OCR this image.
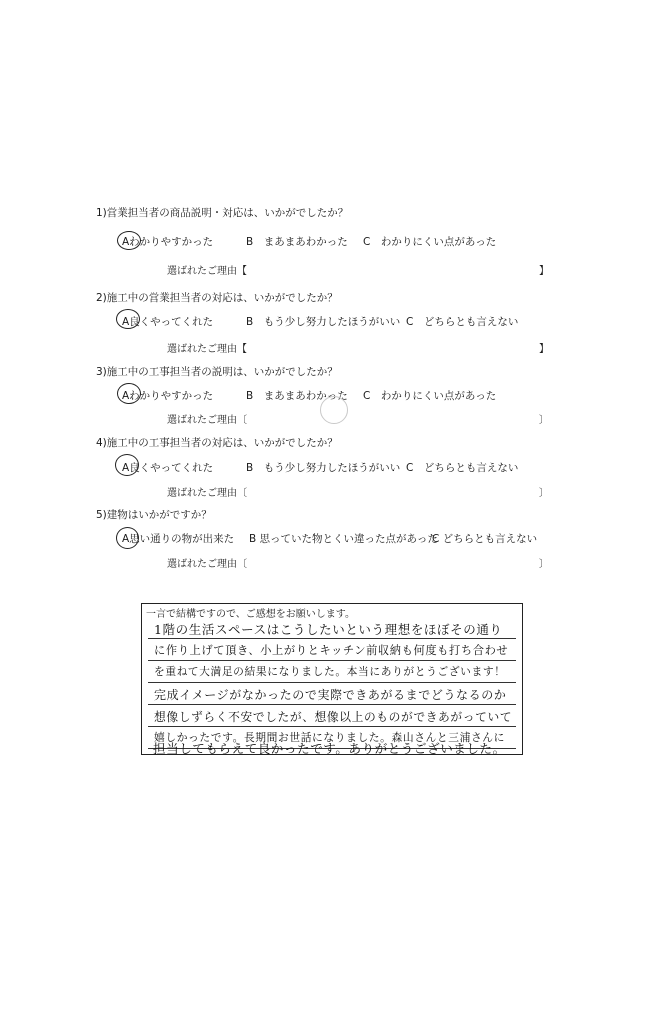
1)営業担当者の商品説明・対応は、いかがでしたか？
Aわかりやすかった	B　まあまあわかった C　わかりにくい点があった
選ばれたご理由【	】
2)施工中の営業担当者の対応は、いかがでしたか？
A良くやってくれた	B　もう少し努力したほうがいい C　どちらとも言えない
選ばれたご理由【	】
3)施工中の工事担当者の説明は、いかがでしたか？
Aわかりやすかった	B　まあまあわかった C　わかりにくい点があった
選ばれたご理由〔	〕
4)施工中の工事担当者の対応は、いかがでしたか？
A良くやってくれた	B　もう少し努力したほうがいい C　どちらとも言えない
選ばれたご理由〔	〕
5)建物はいかがですか？
A思い通りの物が出来た B 思っていた物とくい違った点があった
C どちらとも言えない
選ばれたご理由〔	〕
一言で結構ですので、ご感想をお願いします。
1階の生活スペースはこうしたいという理想をほぼその通り
に作り上げて頂き、小上がりとキッチン前収納も何度も打ち合わせ
を重ねて大満足の結果になりました。本当にありがとうございます！
完成イメージがなかったので実際できあがるまでどうなるのか
想像しずらく不安でしたが、想像以上のものができあがっていて
嬉しかったです。長期間お世話になりました。森山さんと三浦さんに
担当してもらえて良かったです。ありがとうございました。
